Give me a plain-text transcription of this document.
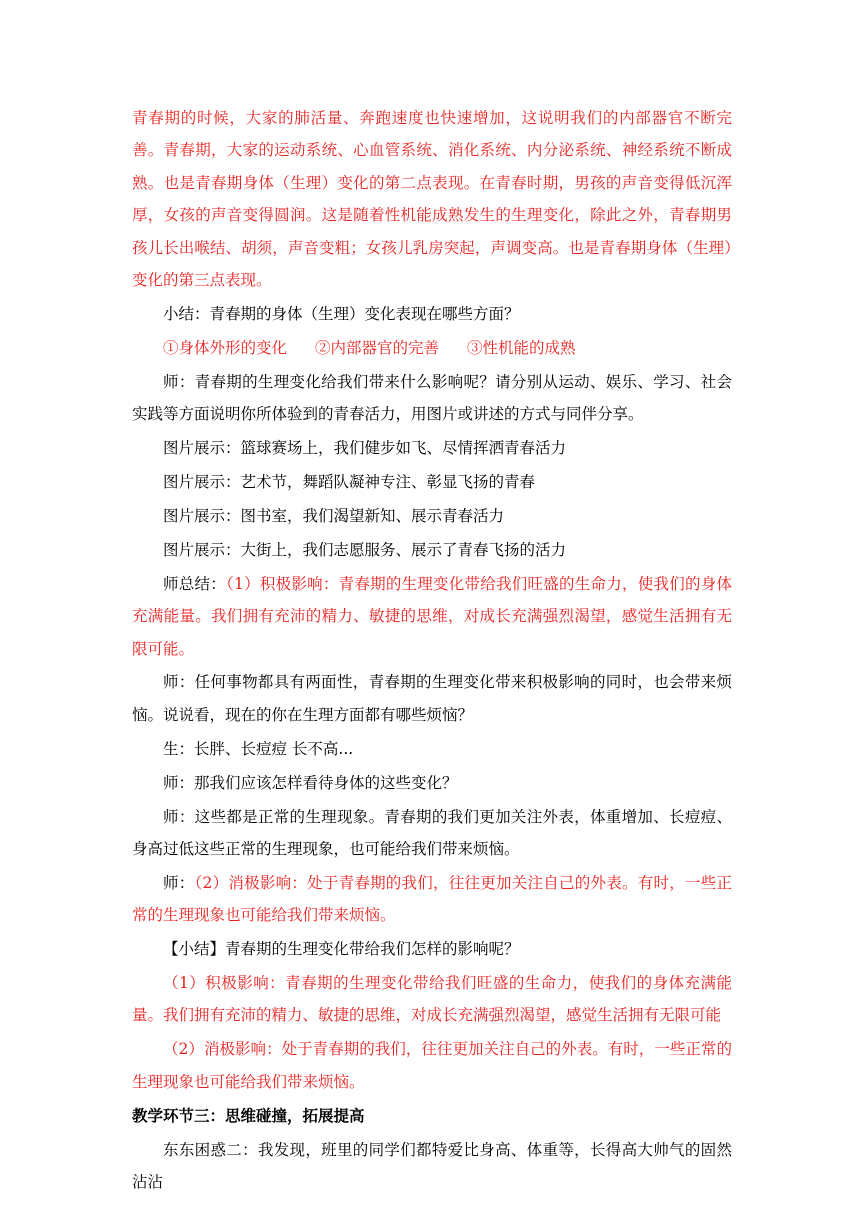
青春期的时候，大家的肺活量、奔跑速度也快速增加，这说明我们的内部器官不断完善。青春期，大家的运动系统、心血管系统、消化系统、内分泌系统、神经系统不断成熟。也是青春期身体（生理）变化的第二点表现。在青春时期，男孩的声音变得低沉浑厚，女孩的声音变得圆润。这是随着性机能成熟发生的生理变化，除此之外，青春期男孩儿长出喉结、胡须，声音变粗；女孩儿乳房突起，声调变高。也是青春期身体（生理）变化的第三点表现。

小结：青春期的身体（生理）变化表现在哪些方面？

①身体外形的变化 ②内部器官的完善 ③性机能的成熟

师：青春期的生理变化给我们带来什么影响呢？请分别从运动、娱乐、学习、社会实践等方面说明你所体验到的青春活力，用图片或讲述的方式与同伴分享。

图片展示：篮球赛场上，我们健步如飞、尽情挥洒青春活力

图片展示：艺术节，舞蹈队凝神专注、彰显飞扬的青春

图片展示：图书室，我们渴望新知、展示青春活力

图片展示：大街上，我们志愿服务、展示了青春飞扬的活力

师总结：（1）积极影响：青春期的生理变化带给我们旺盛的生命力，使我们的身体充满能量。我们拥有充沛的精力、敏捷的思维，对成长充满强烈渴望，感觉生活拥有无限可能。

师：任何事物都具有两面性，青春期的生理变化带来积极影响的同时，也会带来烦恼。说说看，现在的你在生理方面都有哪些烦恼？

生：长胖、长痘痘 长不高...

师：那我们应该怎样看待身体的这些变化？

师：这些都是正常的生理现象。青春期的我们更加关注外表，体重增加、长痘痘、身高过低这些正常的生理现象，也可能给我们带来烦恼。

师：（2）消极影响：处于青春期的我们，往往更加关注自己的外表。有时，一些正常的生理现象也可能给我们带来烦恼。

【小结】青春期的生理变化带给我们怎样的影响呢？

（1）积极影响：青春期的生理变化带给我们旺盛的生命力，使我们的身体充满能量。我们拥有充沛的精力、敏捷的思维，对成长充满强烈渴望，感觉生活拥有无限可能

（2）消极影响：处于青春期的我们，往往更加关注自己的外表。有时，一些正常的生理现象也可能给我们带来烦恼。

教学环节三：思维碰撞，拓展提高

东东困惑二：我发现，班里的同学们都特爱比身高、体重等，长得高大帅气的固然沾沾
